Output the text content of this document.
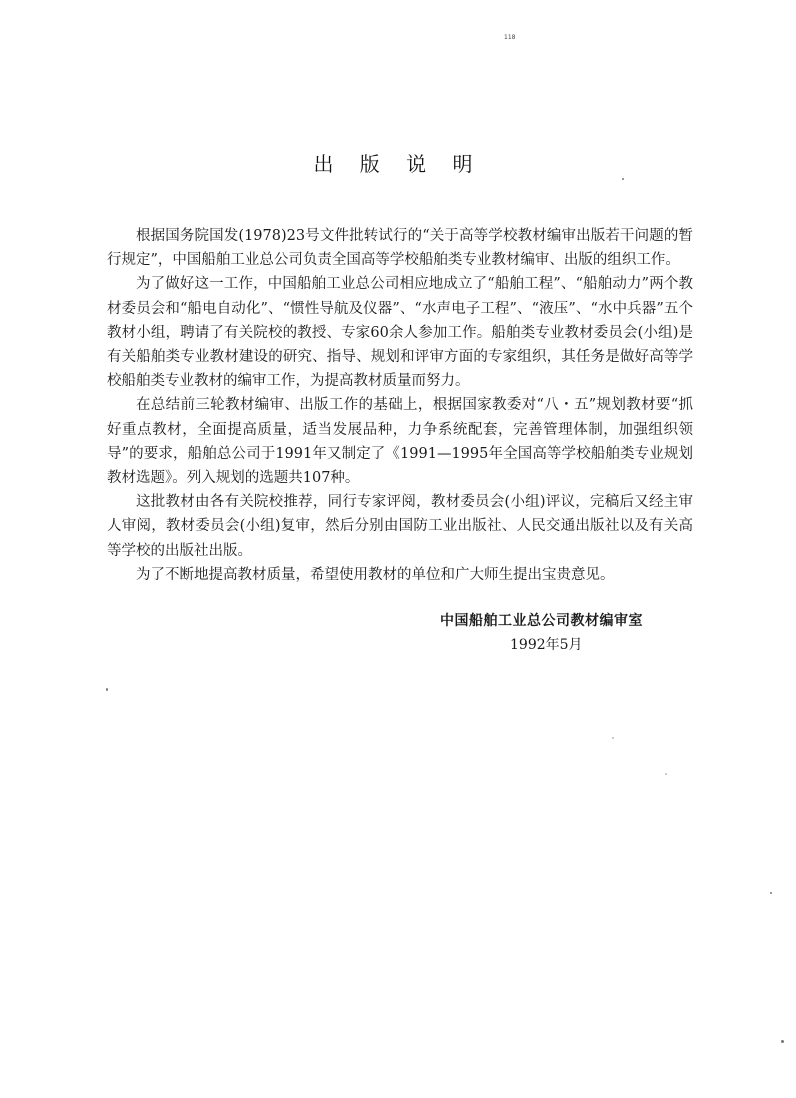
118
出 版 说 明

根据国务院国发(1978)23号文件批转试行的“关于高等学校教材编审出版若干问题的暂行规定”，中国船舶工业总公司负责全国高等学校船舶类专业教材编审、出版的组织工作。

为了做好这一工作，中国船舶工业总公司相应地成立了“船舶工程”、“船舶动力”两个教材委员会和“船电自动化”、“惯性导航及仪器”、“水声电子工程”、“液压”、“水中兵器”五个教材小组，聘请了有关院校的教授、专家60余人参加工作。船舶类专业教材委员会(小组)是有关船舶类专业教材建设的研究、指导、规划和评审方面的专家组织，其任务是做好高等学校船舶类专业教材的编审工作，为提高教材质量而努力。

在总结前三轮教材编审、出版工作的基础上，根据国家教委对“八・五”规划教材要“抓好重点教材，全面提高质量，适当发展品种，力争系统配套，完善管理体制，加强组织领导”的要求，船舶总公司于1991年又制定了《1991—1995年全国高等学校船舶类专业规划教材选题》。列入规划的选题共107种。

这批教材由各有关院校推荐，同行专家评阅，教材委员会(小组)评议，完稿后又经主审人审阅，教材委员会(小组)复审，然后分别由国防工业出版社、人民交通出版社以及有关高等学校的出版社出版。

为了不断地提高教材质量，希望使用教材的单位和广大师生提出宝贵意见。

中国船舶工业总公司教材编审室
1992年5月
